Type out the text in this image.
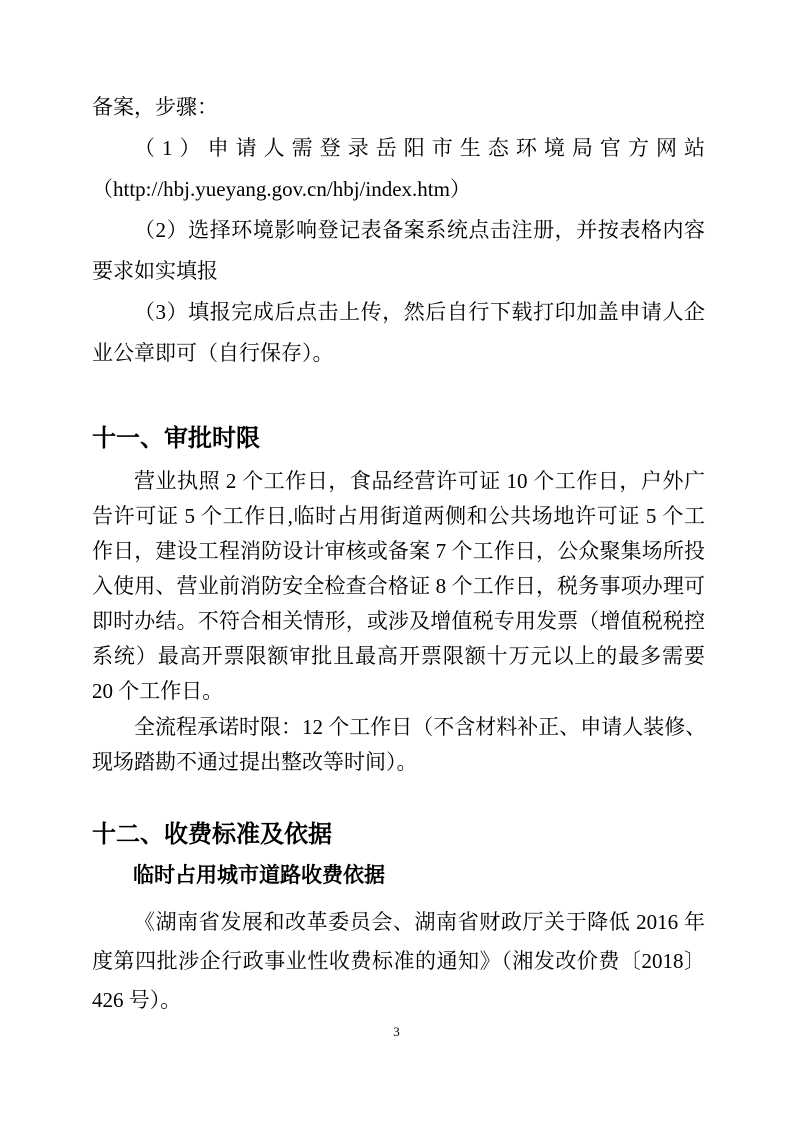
备案，步骤：
（1）申请人需登录岳阳市生态环境局官方网站
（http://hbj.yueyang.gov.cn/hbj/index.htm）
（2）选择环境影响登记表备案系统点击注册，并按表格内容
要求如实填报
（3）填报完成后点击上传，然后自行下载打印加盖申请人企
业公章即可（自行保存）。
十一、审批时限
营业执照 2 个工作日，食品经营许可证 10 个工作日，户外广
告许可证 5 个工作日,临时占用街道两侧和公共场地许可证 5 个工
作日，建设工程消防设计审核或备案 7 个工作日，公众聚集场所投
入使用、营业前消防安全检查合格证 8 个工作日，税务事项办理可
即时办结。不符合相关情形，或涉及增值税专用发票（增值税税控
系统）最高开票限额审批且最高开票限额十万元以上的最多需要
20 个工作日。
全流程承诺时限：12 个工作日（不含材料补正、申请人装修、
现场踏勘不通过提出整改等时间）。
十二、收费标准及依据
临时占用城市道路收费依据
《湖南省发展和改革委员会、湖南省财政厅关于降低 2016 年
度第四批涉企行政事业性收费标准的通知》（湘发改价费〔2018〕
426 号）。
3
